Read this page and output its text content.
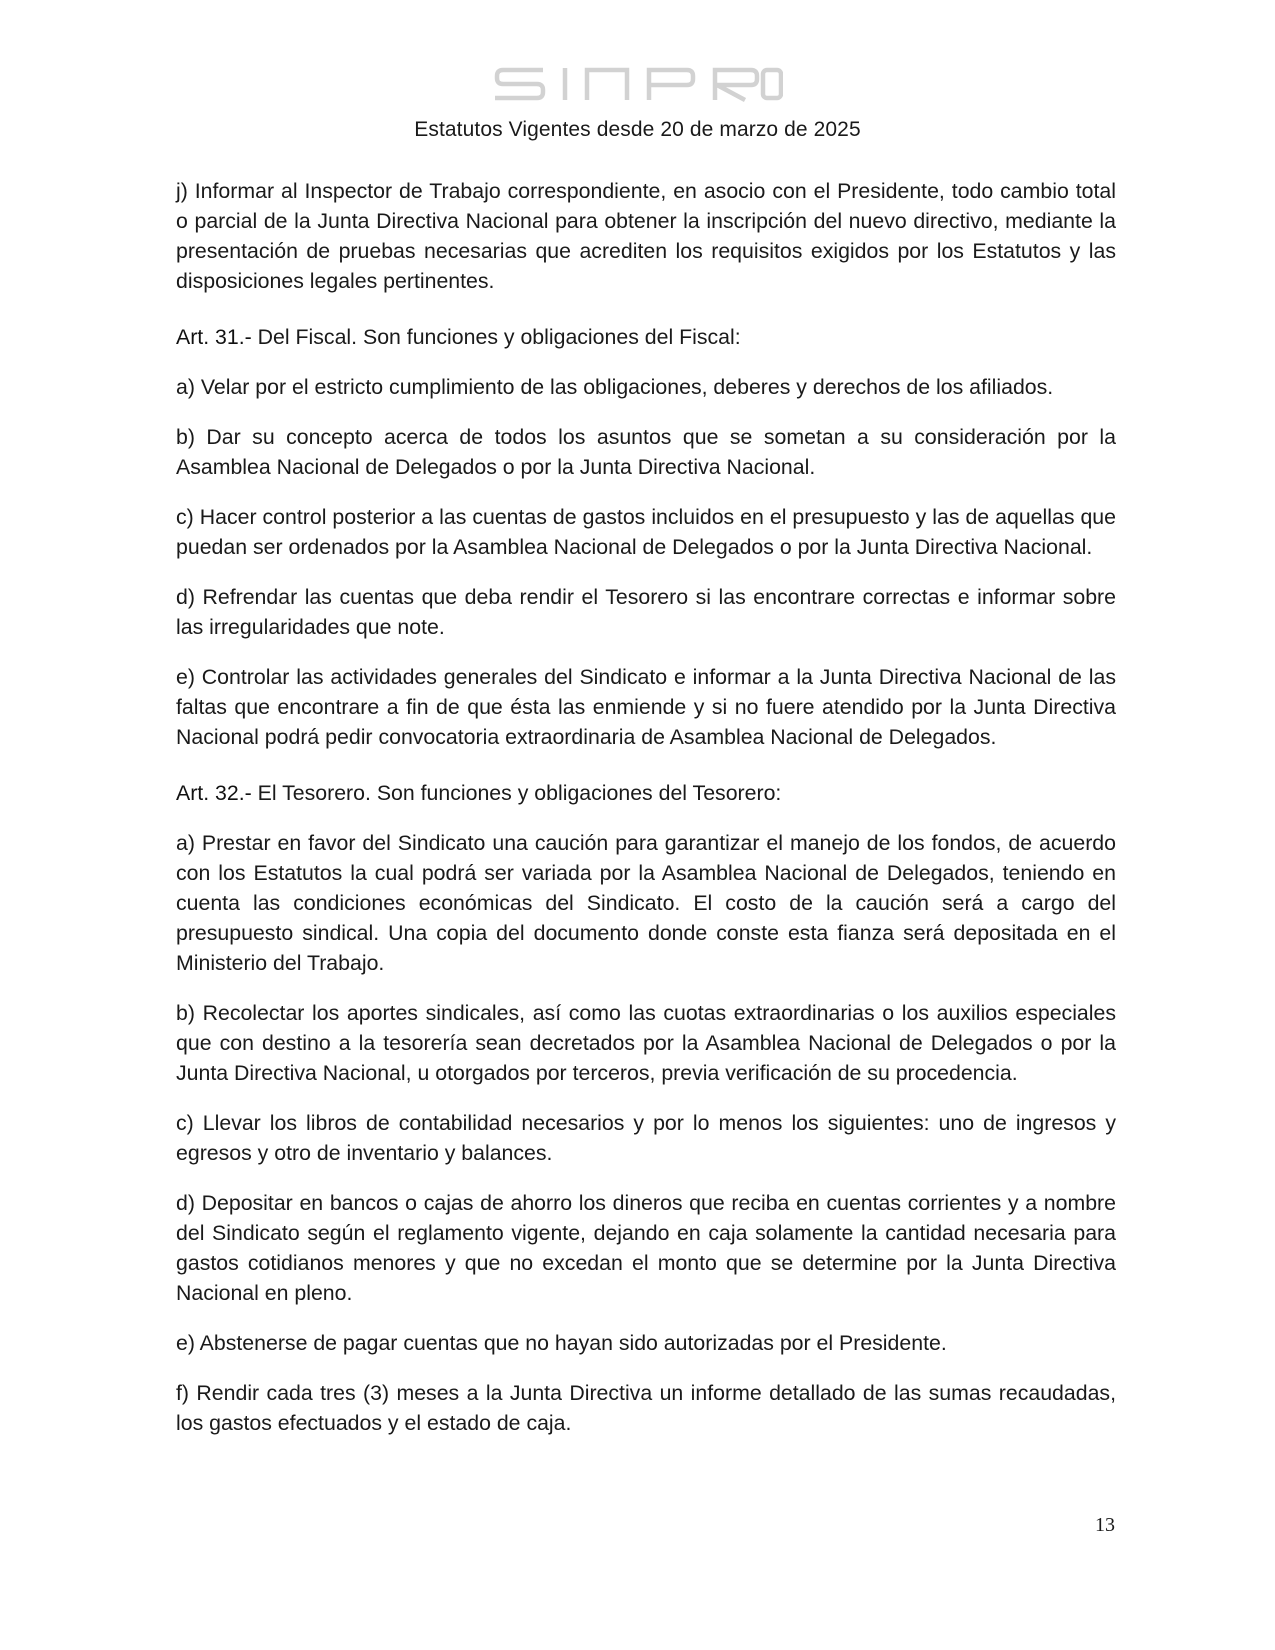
Estatutos Vigentes desde 20 de marzo de 2025

j) Informar al Inspector de Trabajo correspondiente, en asocio con el Presidente, todo cambio total o parcial de la Junta Directiva Nacional para obtener la inscripción del nuevo directivo, mediante la presentación de pruebas necesarias que acrediten los requisitos exigidos por los Estatutos y las disposiciones legales pertinentes.

Art. 31.- Del Fiscal. Son funciones y obligaciones del Fiscal:

a) Velar por el estricto cumplimiento de las obligaciones, deberes y derechos de los afiliados.

b) Dar su concepto acerca de todos los asuntos que se sometan a su consideración por la Asamblea Nacional de Delegados o por la Junta Directiva Nacional.

c) Hacer control posterior a las cuentas de gastos incluidos en el presupuesto y las de aquellas que puedan ser ordenados por la Asamblea Nacional de Delegados o por la Junta Directiva Nacional.

d) Refrendar las cuentas que deba rendir el Tesorero si las encontrare correctas e informar sobre las irregularidades que note.

e) Controlar las actividades generales del Sindicato e informar a la Junta Directiva Nacional de las faltas que encontrare a fin de que ésta las enmiende y si no fuere atendido por la Junta Directiva Nacional podrá pedir convocatoria extraordinaria de Asamblea Nacional de Delegados.

Art. 32.- El Tesorero. Son funciones y obligaciones del Tesorero:

a) Prestar en favor del Sindicato una caución para garantizar el manejo de los fondos, de acuerdo con los Estatutos la cual podrá ser variada por la Asamblea Nacional de Delegados, teniendo en cuenta las condiciones económicas del Sindicato. El costo de la caución será a cargo del presupuesto sindical. Una copia del documento donde conste esta fianza será depositada en el Ministerio del Trabajo.

b) Recolectar los aportes sindicales, así como las cuotas extraordinarias o los auxilios especiales que con destino a la tesorería sean decretados por la Asamblea Nacional de Delegados o por la Junta Directiva Nacional, u otorgados por terceros, previa verificación de su procedencia.

c) Llevar los libros de contabilidad necesarios y por lo menos los siguientes: uno de ingresos y egresos y otro de inventario y balances.

d) Depositar en bancos o cajas de ahorro los dineros que reciba en cuentas corrientes y a nombre del Sindicato según el reglamento vigente, dejando en caja solamente la cantidad necesaria para gastos cotidianos menores y que no excedan el monto que se determine por la Junta Directiva Nacional en pleno.

e) Abstenerse de pagar cuentas que no hayan sido autorizadas por el Presidente.

f) Rendir cada tres (3) meses a la Junta Directiva un informe detallado de las sumas recaudadas, los gastos efectuados y el estado de caja.

13
